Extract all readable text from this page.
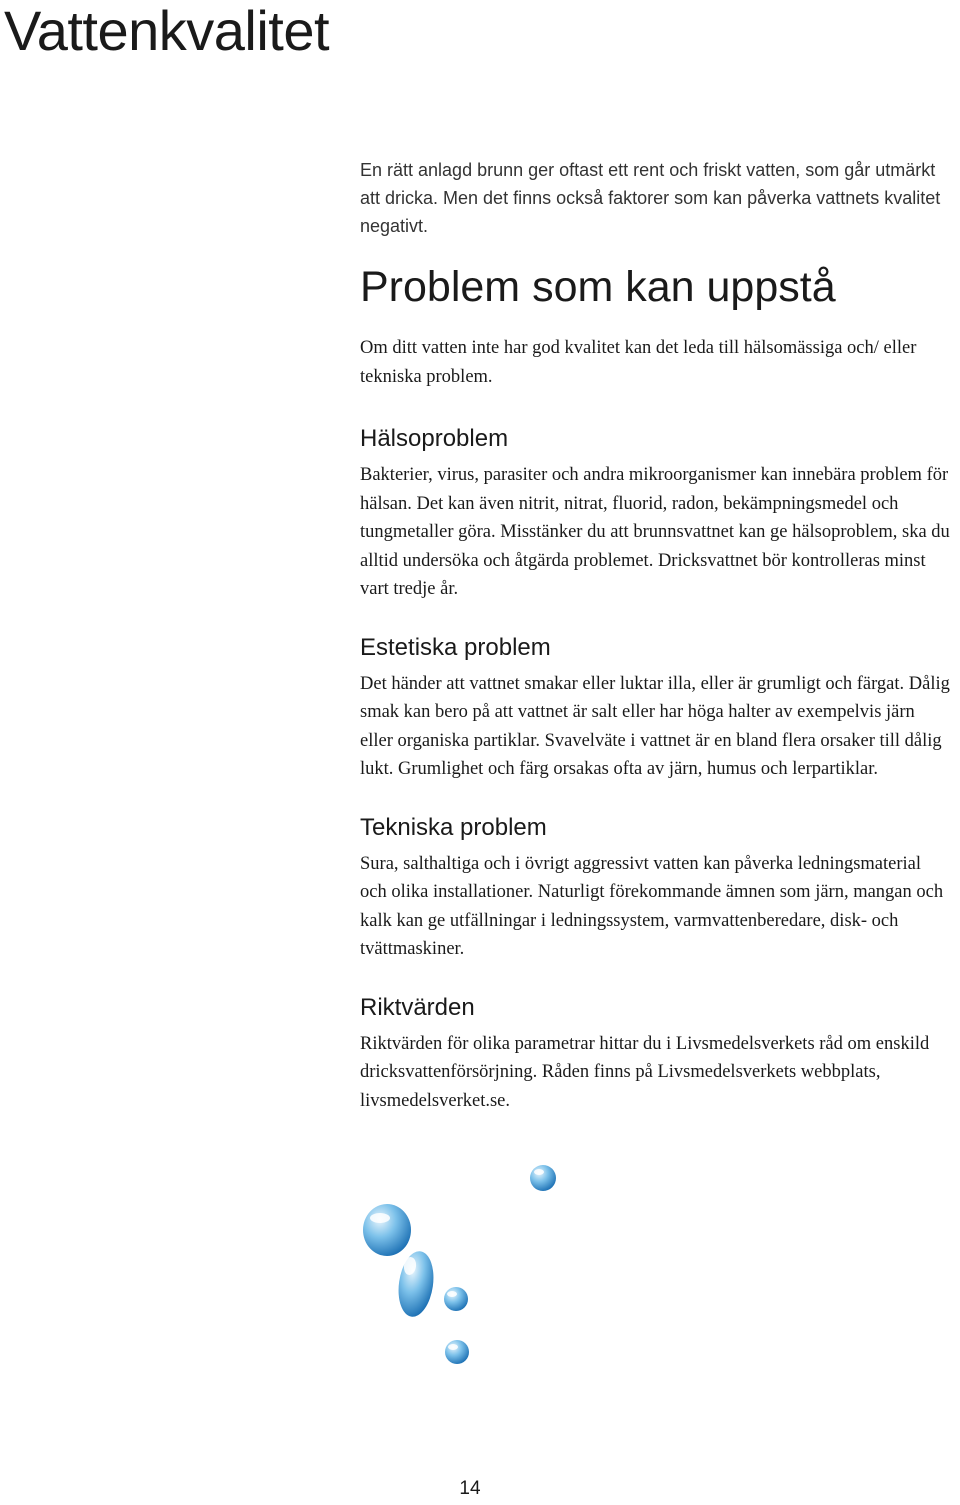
Vattenkvalitet

En rätt anlagd brunn ger oftast ett rent och friskt vatten, som går utmärkt att dricka. Men det finns också faktorer som kan påverka vattnets kvalitet negativt.

Problem som kan uppstå

Om ditt vatten inte har god kvalitet kan det leda till hälsomässiga och/ eller tekniska problem.

Hälsoproblem

Bakterier, virus, parasiter och andra mikroorganismer kan innebära problem för hälsan. Det kan även nitrit, nitrat, fluorid, radon, bekämpningsmedel och tungmetaller göra. Misstänker du att brunnsvattnet kan ge hälsoproblem, ska du alltid undersöka och åtgärda problemet. Dricksvattnet bör kontrolleras minst vart tredje år.

Estetiska problem

Det händer att vattnet smakar eller luktar illa, eller är grumligt och färgat. Dålig smak kan bero på att vattnet är salt eller har höga halter av exempelvis järn eller organiska partiklar. Svavelväte i vattnet är en bland flera orsaker till dålig lukt. Grumlighet och färg orsakas ofta av järn, humus och lerpartiklar.

Tekniska problem

Sura, salthaltiga och i övrigt aggressivt vatten kan påverka ledningsmaterial och olika installationer. Naturligt förekommande ämnen som järn, mangan och kalk kan ge utfällningar i ledningssystem, varmvattenberedare, disk- och tvättmaskiner.

Riktvärden

Riktvärden för olika parametrar hittar du i Livsmedelsverkets råd om enskild dricksvattenförsörjning. Råden finns på Livsmedelsverkets webbplats, livsmedelsverket.se.

14
